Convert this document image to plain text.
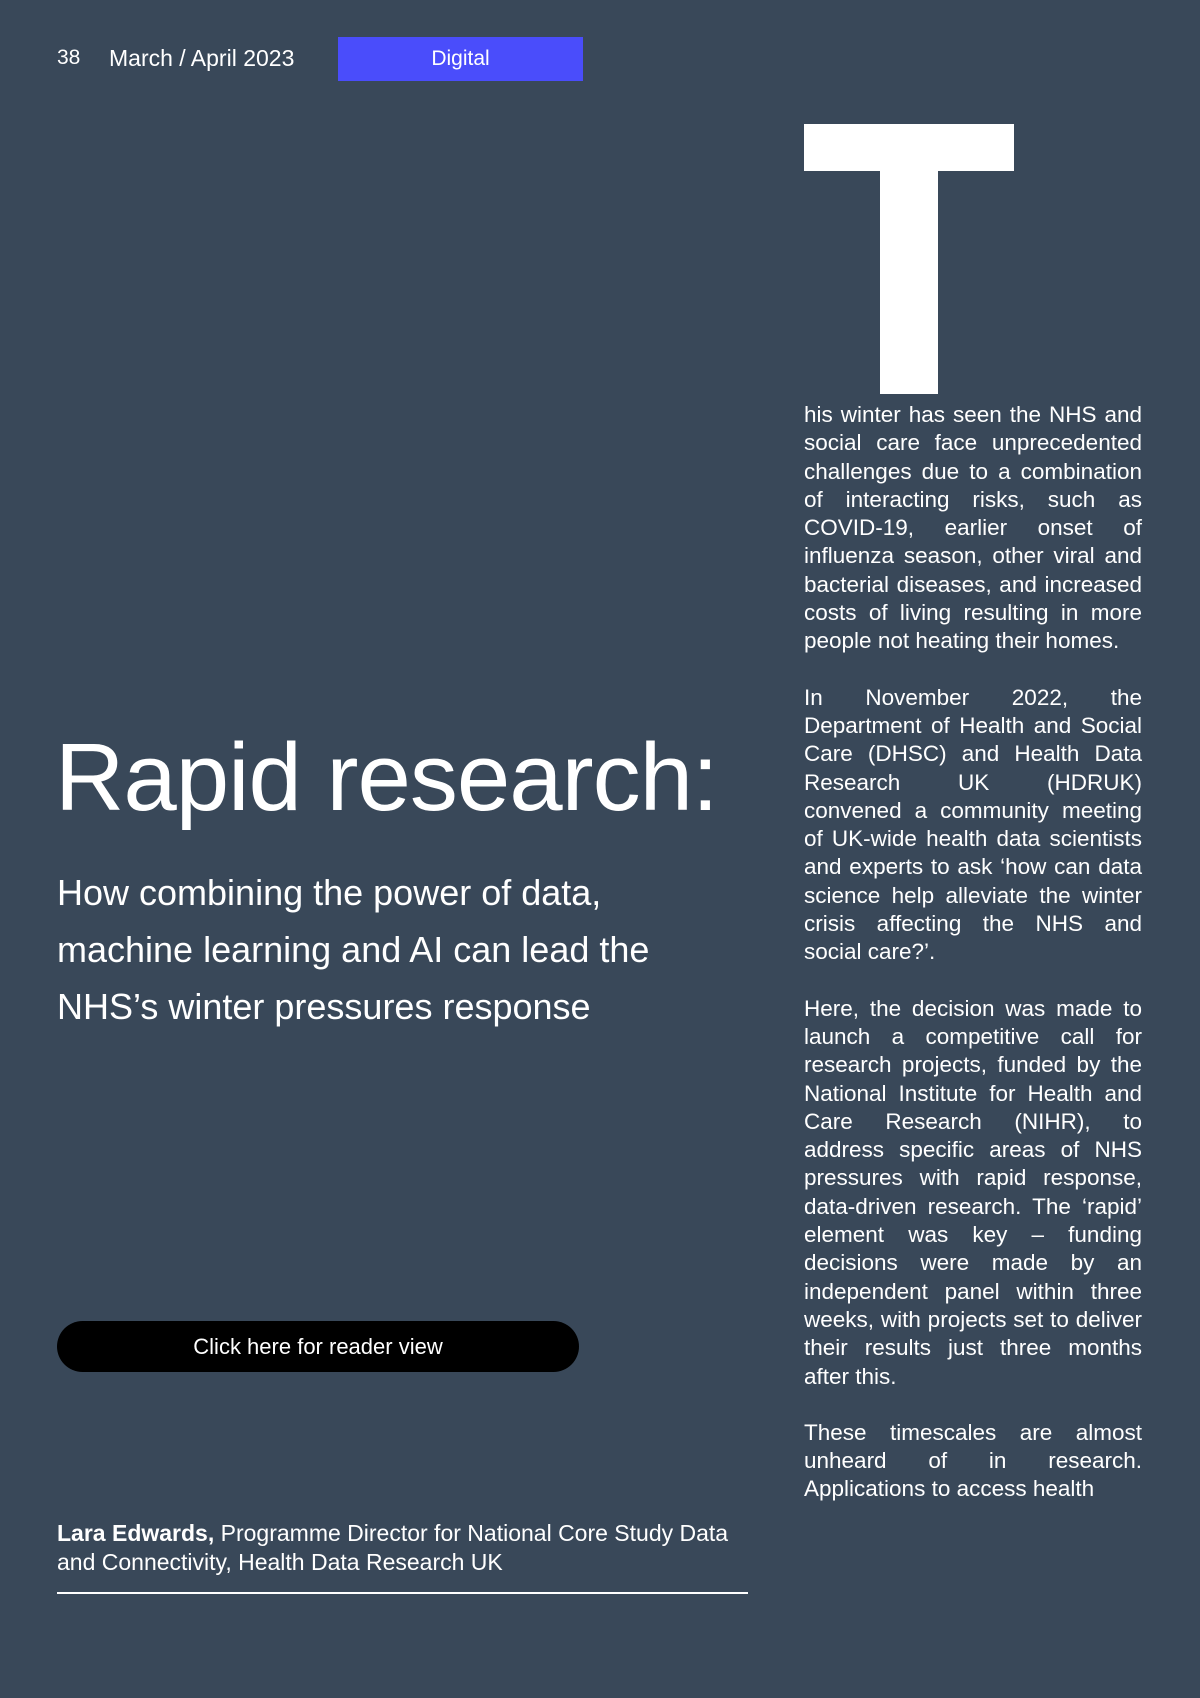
38 March / April 2023	Digital
Rapid research:
How combining the power of data, machine learning and AI can lead the NHS’s winter pressures response
Click here for reader view
Lara Edwards, Programme Director for National Core Study Data and Connectivity, Health Data Research UK

his winter has seen the NHS and social care face unprecedented challenges due to a combination of interacting risks, such as COVID-19, earlier onset of influenza season, other viral and bacterial diseases, and increased costs of living resulting in more people not heating their homes.

In November 2022, the Department of Health and Social Care (DHSC) and Health Data Research UK (HDRUK) convened a community meeting of UK-wide health data scientists and experts to ask ‘how can data science help alleviate the winter crisis affecting the NHS and social care?’.

Here, the decision was made to launch a competitive call for research projects, funded by the National Institute for Health and Care Research (NIHR), to address specific areas of NHS pressures with rapid response, data-driven research. The ‘rapid’ element was key – funding decisions were made by an independent panel within three weeks, with projects set to deliver their results just three months after this.

These timescales are almost unheard of in research. Applications to access health
